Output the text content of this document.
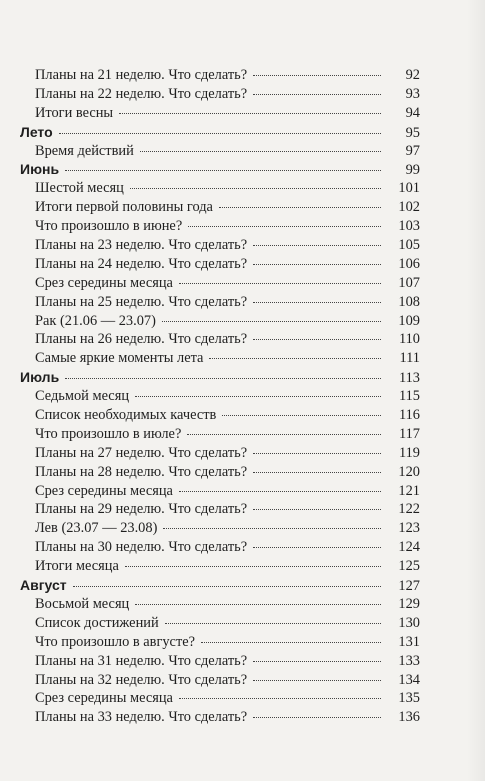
Планы на 21 неделю. Что сделать?	92
Планы на 22 неделю. Что сделать?	93
Итоги весны	94
Лето	95
Время действий	97
Июнь	99
Шестой месяц	101
Итоги первой половины года	102
Что произошло в июне?	103
Планы на 23 неделю. Что сделать?	105
Планы на 24 неделю. Что сделать?	106
Срез середины месяца	107
Планы на 25 неделю. Что сделать?	108
Рак (21.06 — 23.07)	109
Планы на 26 неделю. Что сделать?	110
Самые яркие моменты лета	111
Июль	113
Седьмой месяц	115
Список необходимых качеств	116
Что произошло в июле?	117
Планы на 27 неделю. Что сделать?	119
Планы на 28 неделю. Что сделать?	120
Срез середины месяца	121
Планы на 29 неделю. Что сделать?	122
Лев (23.07 — 23.08)	123
Планы на 30 неделю. Что сделать?	124
Итоги месяца	125
Август	127
Восьмой месяц	129
Список достижений	130
Что произошло в августе?	131
Планы на 31 неделю. Что сделать?	133
Планы на 32 неделю. Что сделать?	134
Срез середины месяца	135
Планы на 33 неделю. Что сделать?	136
